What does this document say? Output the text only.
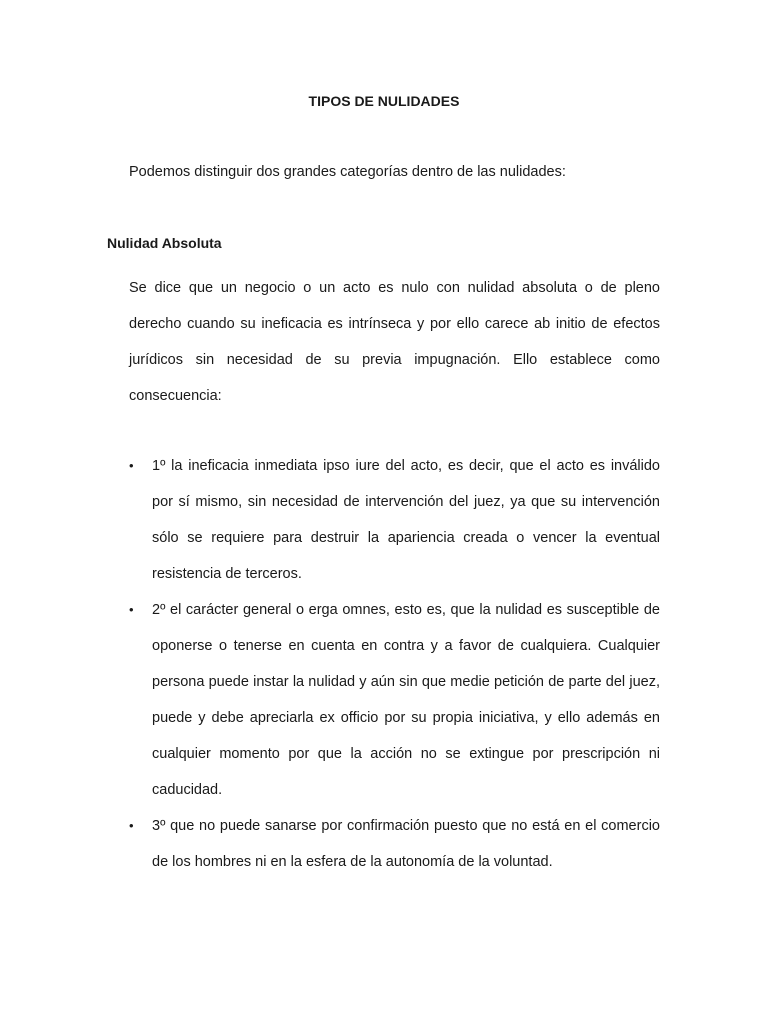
TIPOS DE NULIDADES

Podemos distinguir dos grandes categorías dentro de las nulidades:

Nulidad Absoluta

Se dice que un negocio o un acto es nulo con nulidad absoluta o de pleno derecho cuando su ineficacia es intrínseca y por ello carece ab initio de efectos jurídicos sin necesidad de su previa impugnación. Ello establece como consecuencia:

• 1º la ineficacia inmediata ipso iure del acto, es decir, que el acto es inválido por sí mismo, sin necesidad de intervención del juez, ya que su intervención sólo se requiere para destruir la apariencia creada o vencer la eventual resistencia de terceros.
• 2º el carácter general o erga omnes, esto es, que la nulidad es susceptible de oponerse o tenerse en cuenta en contra y a favor de cualquiera. Cualquier persona puede instar la nulidad y aún sin que medie petición de parte del juez, puede y debe apreciarla ex officio por su propia iniciativa, y ello además en cualquier momento por que la acción no se extingue por prescripción ni caducidad.
• 3º que no puede sanarse por confirmación puesto que no está en el comercio de los hombres ni en la esfera de la autonomía de la voluntad.
